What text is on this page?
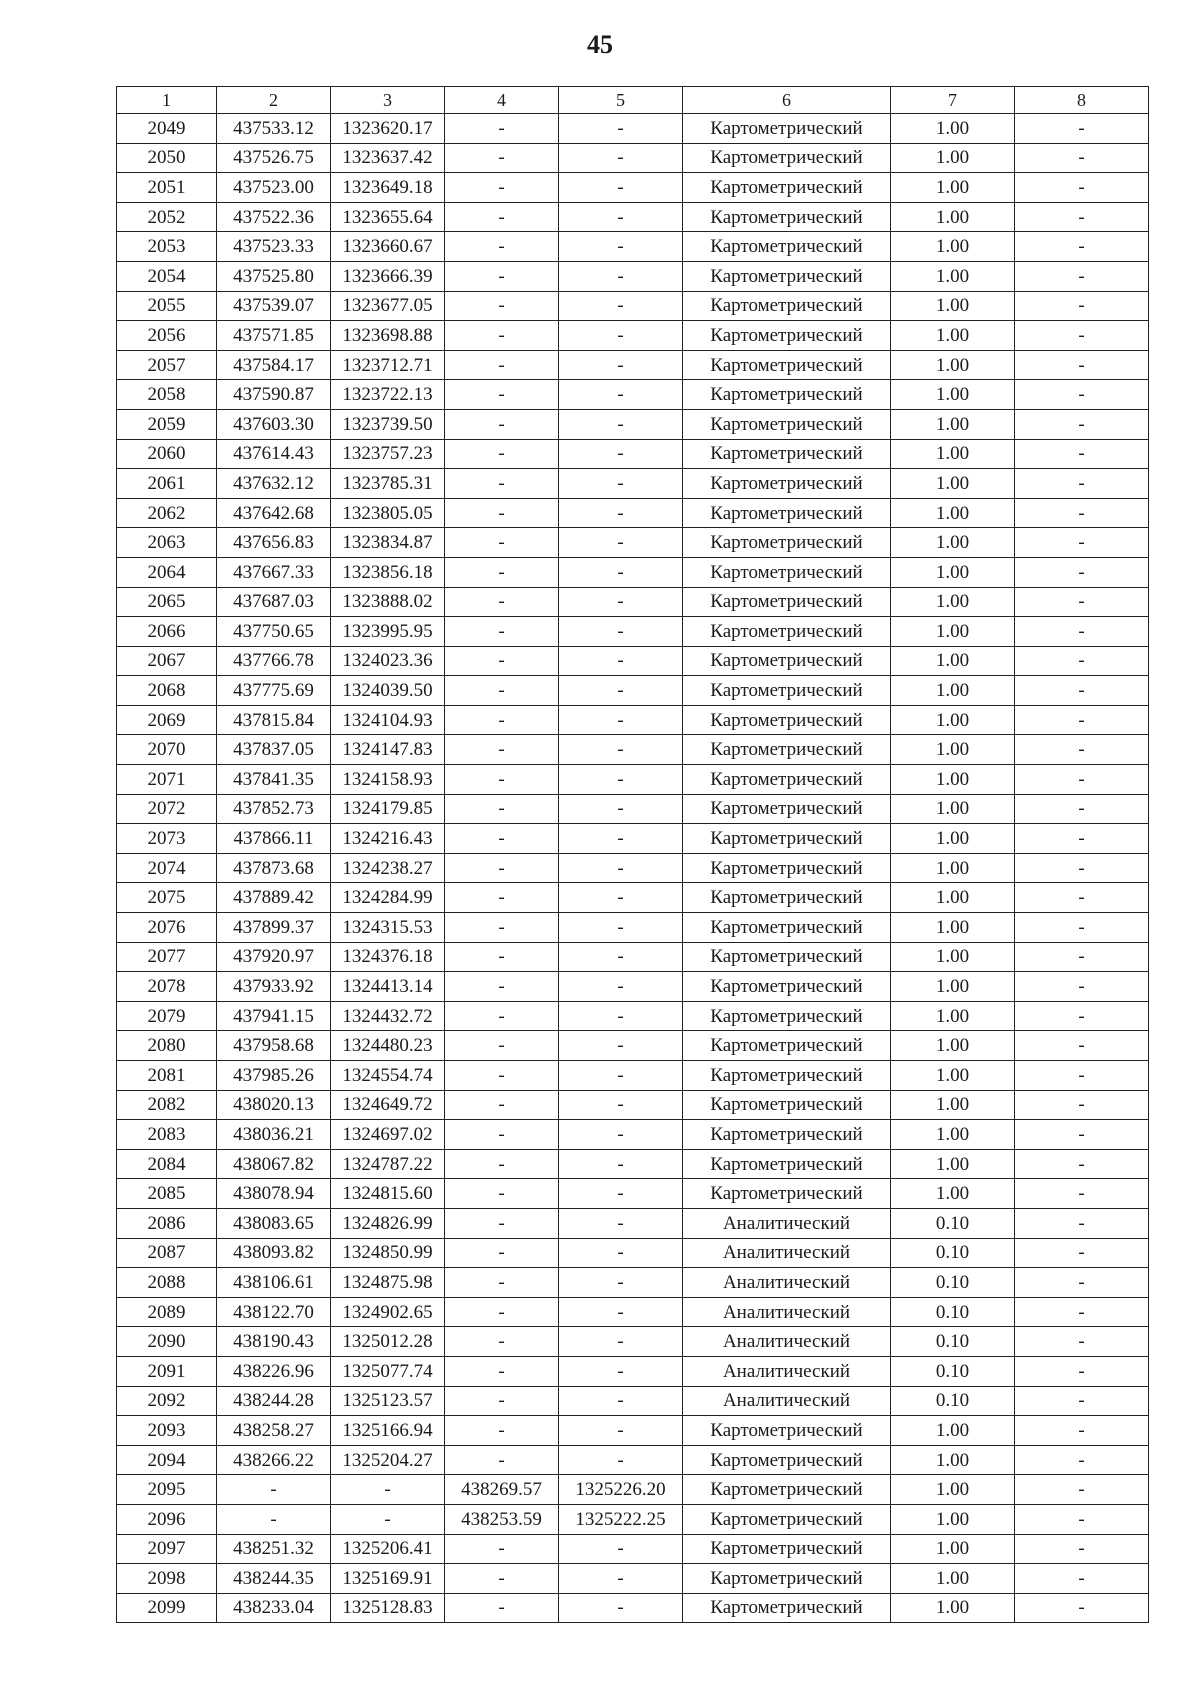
45
1	2	3	4	5	6	7	8
2049	437533.12	1323620.17	-	-	Картометрический	1.00	-
2050	437526.75	1323637.42	-	-	Картометрический	1.00	-
2051	437523.00	1323649.18	-	-	Картометрический	1.00	-
2052	437522.36	1323655.64	-	-	Картометрический	1.00	-
2053	437523.33	1323660.67	-	-	Картометрический	1.00	-
2054	437525.80	1323666.39	-	-	Картометрический	1.00	-
2055	437539.07	1323677.05	-	-	Картометрический	1.00	-
2056	437571.85	1323698.88	-	-	Картометрический	1.00	-
2057	437584.17	1323712.71	-	-	Картометрический	1.00	-
2058	437590.87	1323722.13	-	-	Картометрический	1.00	-
2059	437603.30	1323739.50	-	-	Картометрический	1.00	-
2060	437614.43	1323757.23	-	-	Картометрический	1.00	-
2061	437632.12	1323785.31	-	-	Картометрический	1.00	-
2062	437642.68	1323805.05	-	-	Картометрический	1.00	-
2063	437656.83	1323834.87	-	-	Картометрический	1.00	-
2064	437667.33	1323856.18	-	-	Картометрический	1.00	-
2065	437687.03	1323888.02	-	-	Картометрический	1.00	-
2066	437750.65	1323995.95	-	-	Картометрический	1.00	-
2067	437766.78	1324023.36	-	-	Картометрический	1.00	-
2068	437775.69	1324039.50	-	-	Картометрический	1.00	-
2069	437815.84	1324104.93	-	-	Картометрический	1.00	-
2070	437837.05	1324147.83	-	-	Картометрический	1.00	-
2071	437841.35	1324158.93	-	-	Картометрический	1.00	-
2072	437852.73	1324179.85	-	-	Картометрический	1.00	-
2073	437866.11	1324216.43	-	-	Картометрический	1.00	-
2074	437873.68	1324238.27	-	-	Картометрический	1.00	-
2075	437889.42	1324284.99	-	-	Картометрический	1.00	-
2076	437899.37	1324315.53	-	-	Картометрический	1.00	-
2077	437920.97	1324376.18	-	-	Картометрический	1.00	-
2078	437933.92	1324413.14	-	-	Картометрический	1.00	-
2079	437941.15	1324432.72	-	-	Картометрический	1.00	-
2080	437958.68	1324480.23	-	-	Картометрический	1.00	-
2081	437985.26	1324554.74	-	-	Картометрический	1.00	-
2082	438020.13	1324649.72	-	-	Картометрический	1.00	-
2083	438036.21	1324697.02	-	-	Картометрический	1.00	-
2084	438067.82	1324787.22	-	-	Картометрический	1.00	-
2085	438078.94	1324815.60	-	-	Картометрический	1.00	-
2086	438083.65	1324826.99	-	-	Аналитический	0.10	-
2087	438093.82	1324850.99	-	-	Аналитический	0.10	-
2088	438106.61	1324875.98	-	-	Аналитический	0.10	-
2089	438122.70	1324902.65	-	-	Аналитический	0.10	-
2090	438190.43	1325012.28	-	-	Аналитический	0.10	-
2091	438226.96	1325077.74	-	-	Аналитический	0.10	-
2092	438244.28	1325123.57	-	-	Аналитический	0.10	-
2093	438258.27	1325166.94	-	-	Картометрический	1.00	-
2094	438266.22	1325204.27	-	-	Картометрический	1.00	-
2095	-	-	438269.57	1325226.20	Картометрический	1.00	-
2096	-	-	438253.59	1325222.25	Картометрический	1.00	-
2097	438251.32	1325206.41	-	-	Картометрический	1.00	-
2098	438244.35	1325169.91	-	-	Картометрический	1.00	-
2099	438233.04	1325128.83	-	-	Картометрический	1.00	-
